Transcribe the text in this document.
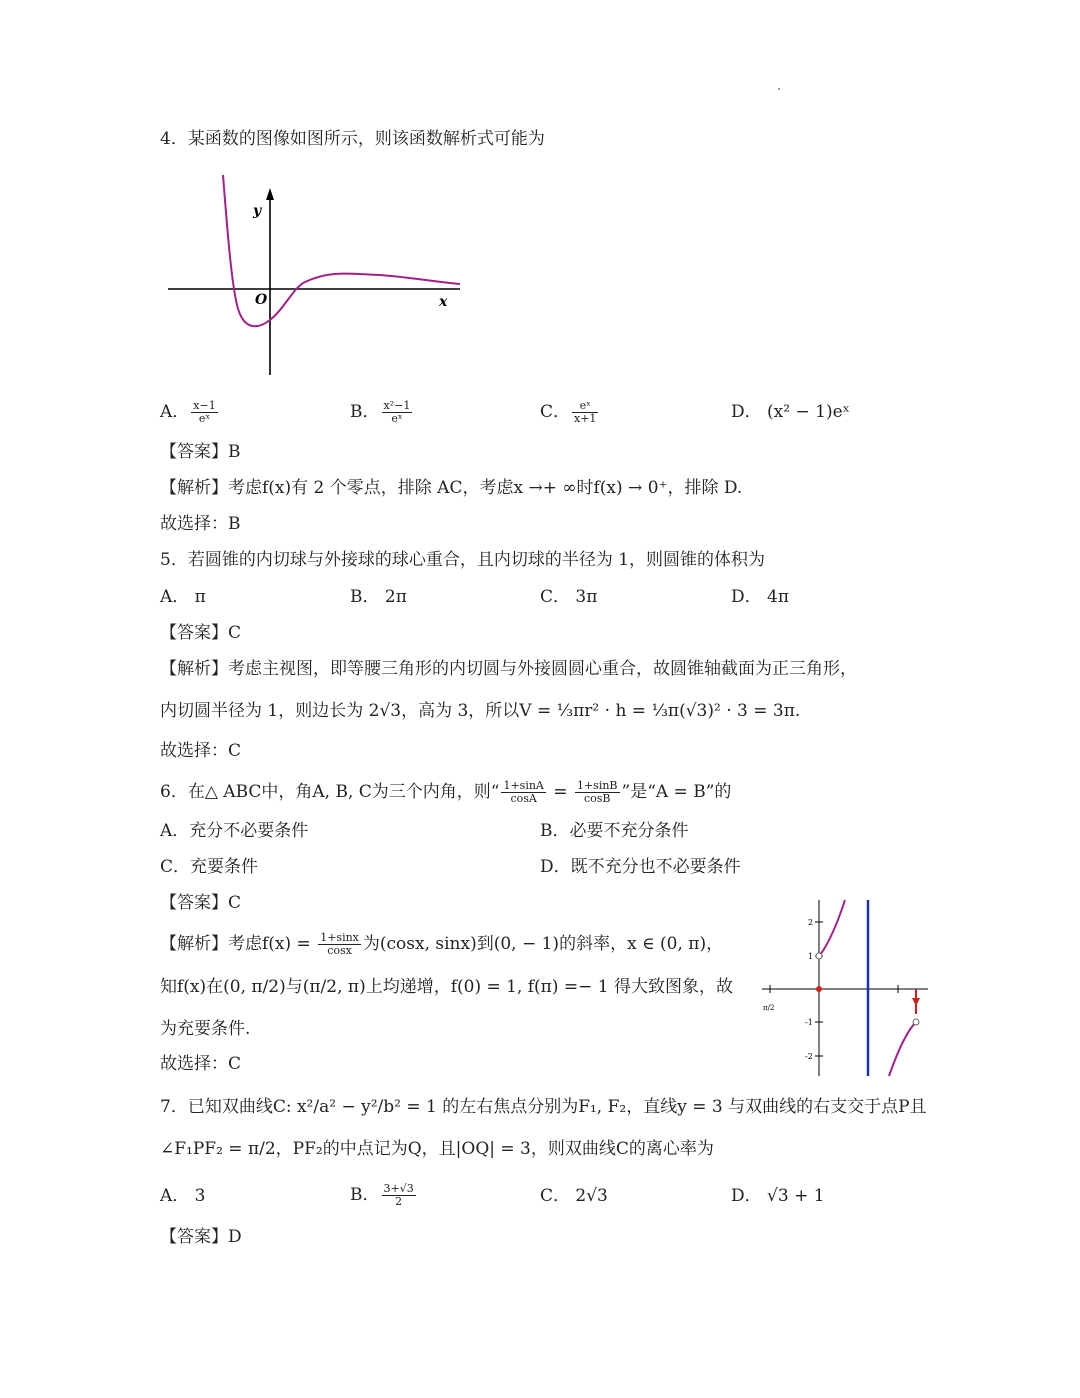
4．某函数的图像如图所示，则该函数解析式可能为
y
O	x
A． $\frac{x-1}{\text{eˣ}}$	B． $\frac{\text{x²−1}}{\text{eˣ}}$	C． $\frac{\text{eˣ}}{x+1}$	D． (x² − 1)eˣ
【答案】B
【解析】考虑f(x)有 2 个零点，排除 AC，考虑x →+ ∞时f(x) → 0⁺，排除 D.
故选择：B
5．若圆锥的内切球与外接球的球心重合，且内切球的半径为 1，则圆锥的体积为
A． π	B． 2π	C． 3π	D． 4π
【答案】C
【解析】考虑主视图，即等腰三角形的内切圆与外接圆圆心重合，故圆锥轴截面为正三角形，
内切圆半径为 1，则边长为 2√3，高为 3，所以V = ⅓πr² · h = ⅓π(√3)² · 3 = 3π.
故选择：C
6．在△ ABC中，角A, B, C为三个内角，则“ $\frac{1+\sin A}{\cos A} = \frac{1+\sin B}{\cos B}$ ”是“A = B”的
A．充分不必要条件	B．必要不充分条件
C．充要条件	D．既不充分也不必要条件
【答案】C
【解析】考虑$f(x) = \frac{1+\sin x}{\cos x}$ 为(cosx, sinx)到(0, − 1)的斜率，x ∈ (0, π)，
知f(x)在(0, π/2)与(π/2, π)上均递增，f(0) = 1, f(π) =− 1 得大致图象，故
为充要条件.
故选择：C
2
1
-1
-2
π/2
7．已知双曲线C: x²/a² − y²/b² = 1 的左右焦点分别为F₁, F₂，直线y = 3 与双曲线的右支交于点P且
∠F₁PF₂ = π/2，PF₂的中点记为Q，且|OQ| = 3，则双曲线C的离心率为
A． 3	B． $\frac{3+√3}{2}$	C． 2√3	D． √3 + 1
【答案】D
